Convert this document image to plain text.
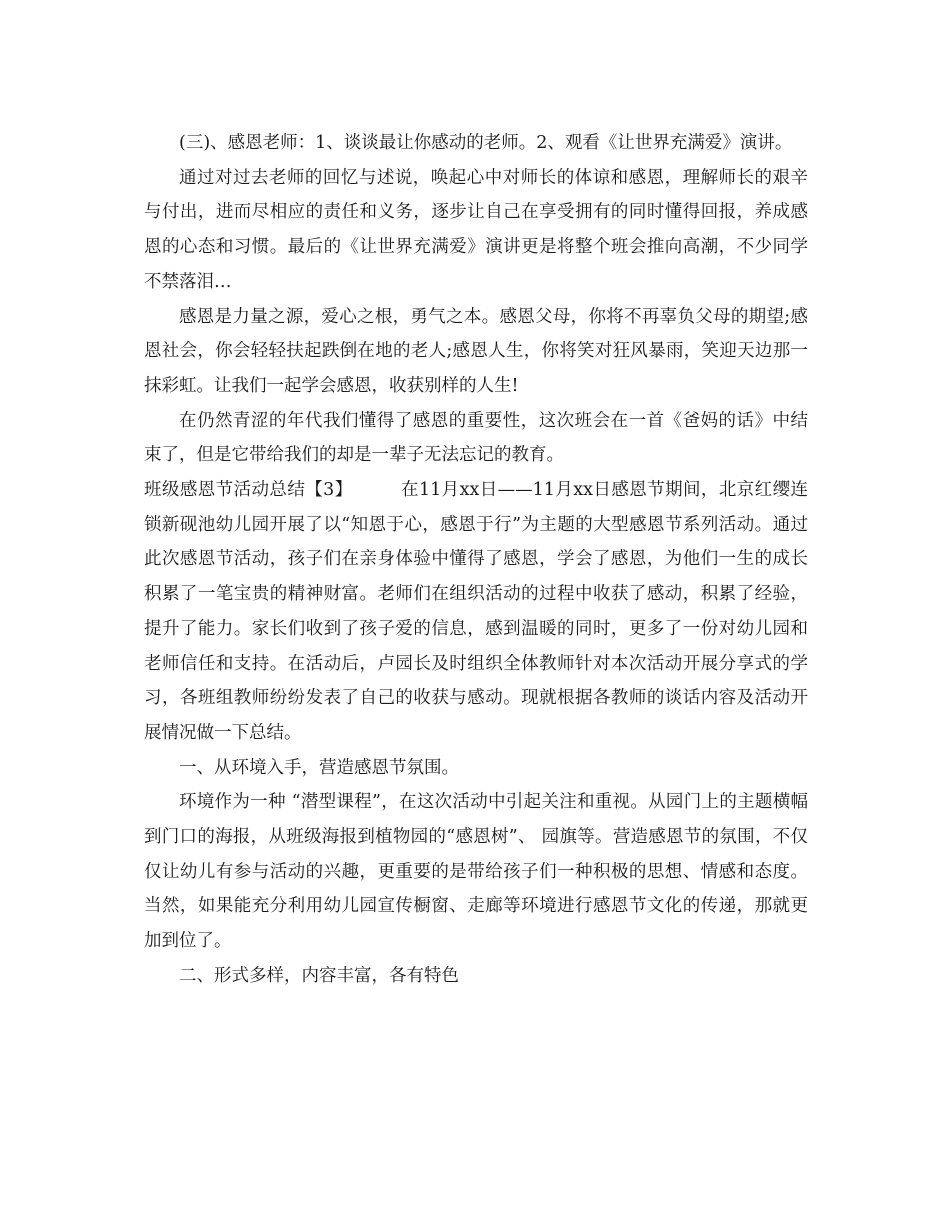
(三)、感恩老师：1、谈谈最让你感动的老师。2、观看《让世界充满爱》演讲。

通过对过去老师的回忆与述说，唤起心中对师长的体谅和感恩，理解师长的艰辛与付出，进而尽相应的责任和义务，逐步让自己在享受拥有的同时懂得回报，养成感恩的心态和习惯。最后的《让世界充满爱》演讲更是将整个班会推向高潮，不少同学不禁落泪…

感恩是力量之源，爱心之根，勇气之本。感恩父母，你将不再辜负父母的期望;感恩社会，你会轻轻扶起跌倒在地的老人;感恩人生，你将笑对狂风暴雨，笑迎天边那一抹彩虹。让我们一起学会感恩，收获别样的人生!

在仍然青涩的年代我们懂得了感恩的重要性，这次班会在一首《爸妈的话》中结束了，但是它带给我们的却是一辈子无法忘记的教育。

班级感恩节活动总结【3】	在11月xx日——11月xx日感恩节期间，北京红缨连锁新砚池幼儿园开展了以“知恩于心，感恩于行”为主题的大型感恩节系列活动。通过此次感恩节活动，孩子们在亲身体验中懂得了感恩，学会了感恩，为他们一生的成长积累了一笔宝贵的精神财富。老师们在组织活动的过程中收获了感动，积累了经验，提升了能力。家长们收到了孩子爱的信息，感到温暖的同时，更多了一份对幼儿园和老师信任和支持。在活动后，卢园长及时组织全体教师针对本次活动开展分享式的学习，各班组教师纷纷发表了自己的收获与感动。现就根据各教师的谈话内容及活动开展情况做一下总结。

一、从环境入手，营造感恩节氛围。

环境作为一种 “潜型课程”，在这次活动中引起关注和重视。从园门上的主题横幅到门口的海报，从班级海报到植物园的“感恩树”、 园旗等。营造感恩节的氛围，不仅仅让幼儿有参与活动的兴趣，更重要的是带给孩子们一种积极的思想、情感和态度。当然，如果能充分利用幼儿园宣传橱窗、走廊等环境进行感恩节文化的传递，那就更加到位了。

二、形式多样，内容丰富，各有特色
